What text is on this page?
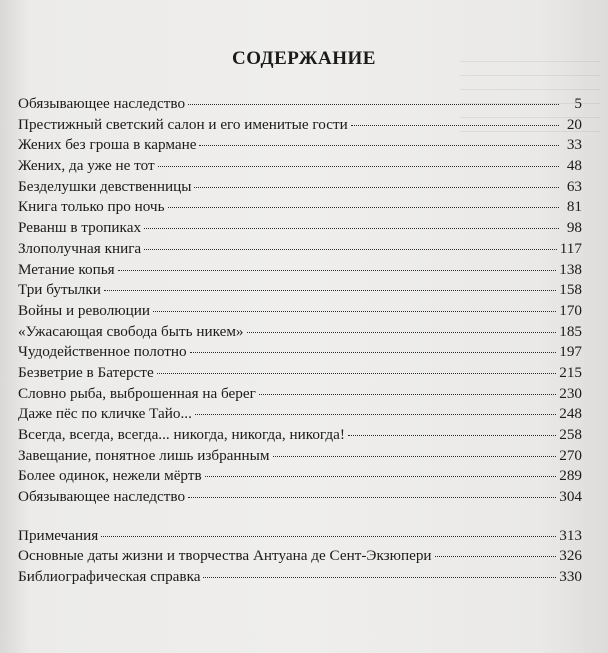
СОДЕРЖАНИЕ
Обязывающее наследство	5
Престижный светский салон и его именитые гости	20
Жених без гроша в кармане	33
Жених, да уже не тот	48
Безделушки девственницы	63
Книга только про ночь	81
Реванш в тропиках	98
Злополучная книга	117
Метание копья	138
Три бутылки	158
Войны и революции	170
«Ужасающая свобода быть никем»	185
Чудодейственное полотно	197
Безветрие в Батерсте	215
Словно рыба, выброшенная на берег	230
Даже пёс по кличке Тайо...	248
Всегда, всегда, всегда... никогда, никогда, никогда!	258
Завещание, понятное лишь избранным	270
Более одинок, нежели мёртв	289
Обязывающее наследство	304
Примечания	313
Основные даты жизни и творчества Антуана де Сент-Экзюпери	326
Библиографическая справка	330
